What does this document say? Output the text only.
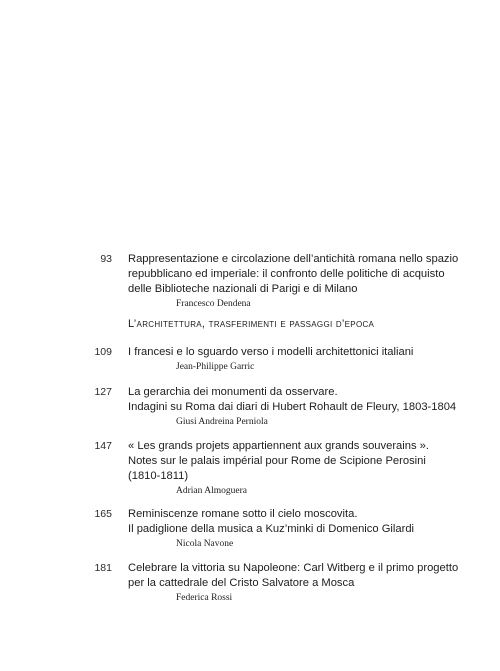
93 Rappresentazione e circolazione dell’antichità romana nello spazio
repubblicano ed imperiale: il confronto delle politiche di acquisto
delle Biblioteche nazionali di Parigi e di Milano
Francesco Dendena
L’architettura, trasferimenti e passaggi d’epoca
109 I francesi e lo sguardo verso i modelli architettonici italiani
Jean-Philippe Garric
127 La gerarchia dei monumenti da osservare.
Indagini su Roma dai diari di Hubert Rohault de Fleury, 1803-1804
Giusi Andreina Perniola
147 « Les grands projets appartiennent aux grands souverains ».
Notes sur le palais impérial pour Rome de Scipione Perosini
(1810-1811)
Adrian Almoguera
165 Reminiscenze romane sotto il cielo moscovita.
Il padiglione della musica a Kuz’minki di Domenico Gilardi
Nicola Navone
181 Celebrare la vittoria su Napoleone: Carl Witberg e il primo progetto
per la cattedrale del Cristo Salvatore a Mosca
Federica Rossi
